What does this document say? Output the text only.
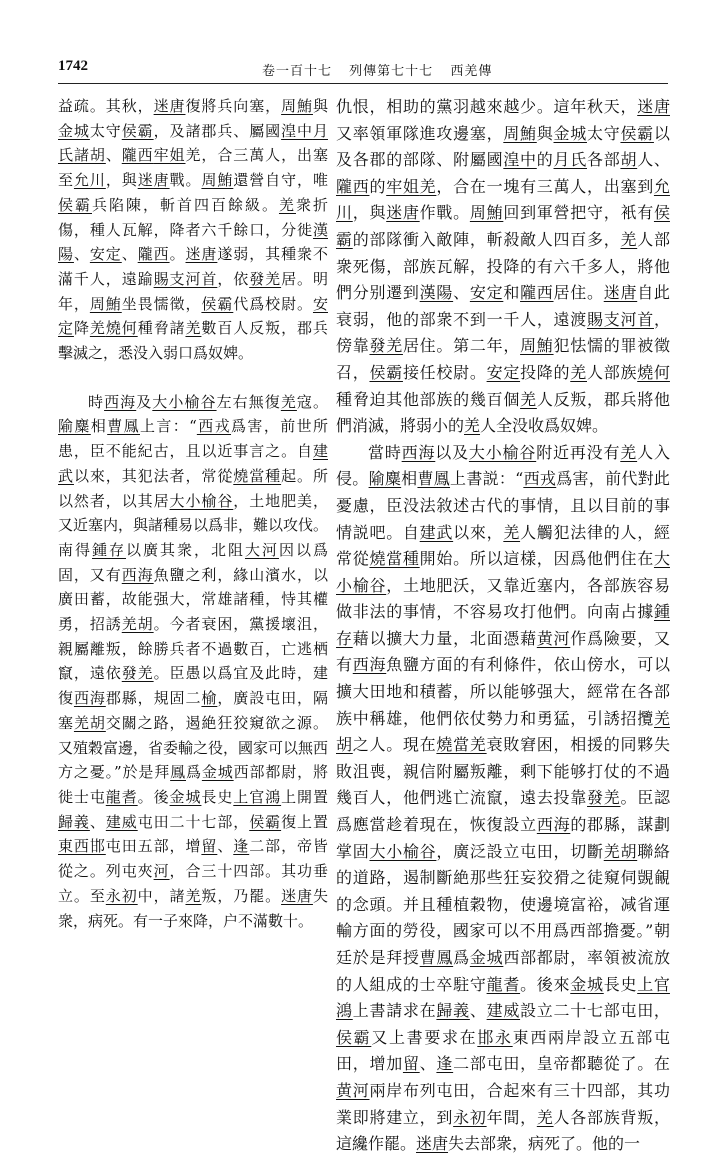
1742	卷一百十七 列傳第七十七 西羌傳

益疏。其秋，迷唐復將兵向塞，周鮪與金城太守侯霸，及諸郡兵、屬國湟中月氏諸胡、隴西牢姐羌，合三萬人，出塞至允川，與迷唐戰。周鮪還營自守，唯侯霸兵陷陳，斬首四百餘級。羌衆折傷，種人瓦解，降者六千餘口，分徙漢陽、安定、隴西。迷唐遂弱，其種衆不滿千人，遠踰賜支河首，依發羌居。明年，周鮪坐畏懦徵，侯霸代爲校尉。安定降羌燒何種脅諸羌數百人反叛，郡兵擊滅之，悉没入弱口爲奴婢。

時西海及大小榆谷左右無復羌寇。隃麋相曹鳳上言：“西戎爲害，前世所患，臣不能紀古，且以近事言之。自建武以來，其犯法者，常從燒當種起。所以然者，以其居大小榆谷，土地肥美，又近塞内，與諸種易以爲非，難以攻伐。南得鍾存以廣其衆，北阻大河因以爲固，又有西海魚鹽之利，緣山濱水，以廣田蓄，故能强大，常雄諸種，恃其權勇，招誘羌胡。今者衰困，黨援壞沮，親屬離叛，餘勝兵者不過數百，亡逃栖竄，遠依發羌。臣愚以爲宜及此時，建復西海郡縣，規固二榆，廣設屯田，隔塞羌胡交關之路，遏絶狂狡窺欲之源。又殖穀富邊，省委輸之役，國家可以無西方之憂。”於是拜鳳爲金城西部都尉，將徙士屯龍耆。後金城長史上官鴻上開置歸義、建威屯田二十七部，侯霸復上置東西邯屯田五部，增留、逢二部，帝皆從之。列屯夾河，合三十四部。其功垂立。至永初中，諸羌叛，乃罷。迷唐失衆，病死。有一子來降，户不滿數十。

仇恨，相助的黨羽越來越少。這年秋天，迷唐又率領軍隊進攻邊塞，周鮪與金城太守侯霸以及各郡的部隊、附屬國湟中的月氏各部胡人、隴西的牢姐羌，合在一塊有三萬人，出塞到允川，與迷唐作戰。周鮪回到軍營把守，衹有侯霸的部隊衝入敵陣，斬殺敵人四百多，羌人部衆死傷，部族瓦解，投降的有六千多人，將他們分别遷到漢陽、安定和隴西居住。迷唐自此衰弱，他的部衆不到一千人，遠渡賜支河首，傍靠發羌居住。第二年，周鮪犯怯懦的罪被徵召，侯霸接任校尉。安定投降的羌人部族燒何種脅迫其他部族的幾百個羌人反叛，郡兵將他們消滅，將弱小的羌人全没收爲奴婢。

當時西海以及大小榆谷附近再没有羌人入侵。隃麋相曹鳳上書説：“西戎爲害，前代對此憂慮，臣没法敘述古代的事情，且以目前的事情説吧。自建武以來，羌人觸犯法律的人，經常從燒當種開始。所以這樣，因爲他們住在大小榆谷，土地肥沃，又靠近塞内，各部族容易做非法的事情，不容易攻打他們。向南占據鍾存藉以擴大力量，北面憑藉黄河作爲險要，又有西海魚鹽方面的有利條件，依山傍水，可以擴大田地和積蓄，所以能够强大，經常在各部族中稱雄，他們依仗勢力和勇猛，引誘招攬羌胡之人。現在燒當羌衰敗窘困，相援的同夥失敗沮喪，親信附屬叛離，剩下能够打仗的不過幾百人，他們逃亡流竄，遠去投靠發羌。臣認爲應當趁着現在，恢復設立西海的郡縣，謀劃掌固大小榆谷，廣泛設立屯田，切斷羌胡聯絡的道路，遏制斷絶那些狂妄狡猾之徒窺伺覬覦的念頭。并且種植穀物，使邊境富裕，减省運輸方面的勞役，國家可以不用爲西部擔憂。”朝廷於是拜授曹鳳爲金城西部都尉，率領被流放的人組成的士卒駐守龍耆。後來金城長史上官鴻上書請求在歸義、建威設立二十七部屯田，侯霸又上書要求在邯永東西兩岸設立五部屯田，增加留、逢二部屯田，皇帝都聽從了。在黄河兩岸布列屯田，合起來有三十四部，其功業即將建立，到永初年間，羌人各部族背叛，這纔作罷。迷唐失去部衆，病死了。他的一
